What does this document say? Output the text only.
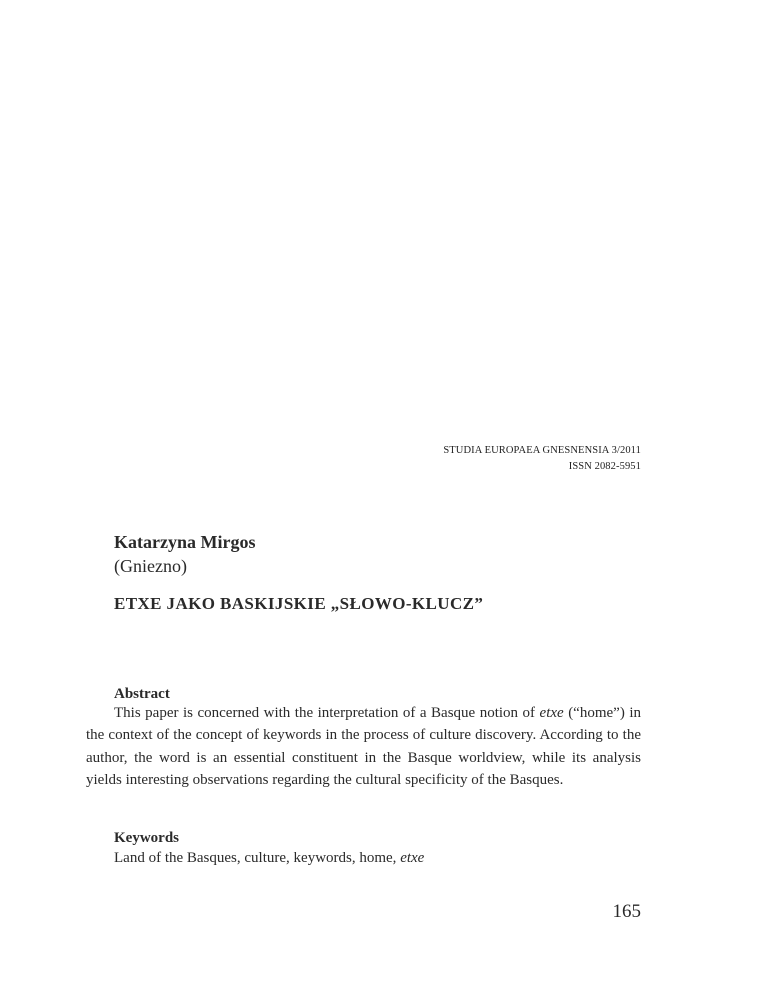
STUDIA EUROPAEA GNESNENSIA 3/2011
ISSN 2082-5951
Katarzyna Mirgos
(Gniezno)
ETXE JAKO BASKIJSKIE „SŁOWO-KLUCZ”
Abstract

This paper is concerned with the interpretation of a Basque notion of etxe (“home”) in the context of the concept of keywords in the process of culture discovery. According to the author, the word is an essential constituent in the Basque worldview, while its analysis yields interesting observations regarding the cultural specificity of the Basques.

Keywords
Land of the Basques, culture, keywords, home, etxe
165
